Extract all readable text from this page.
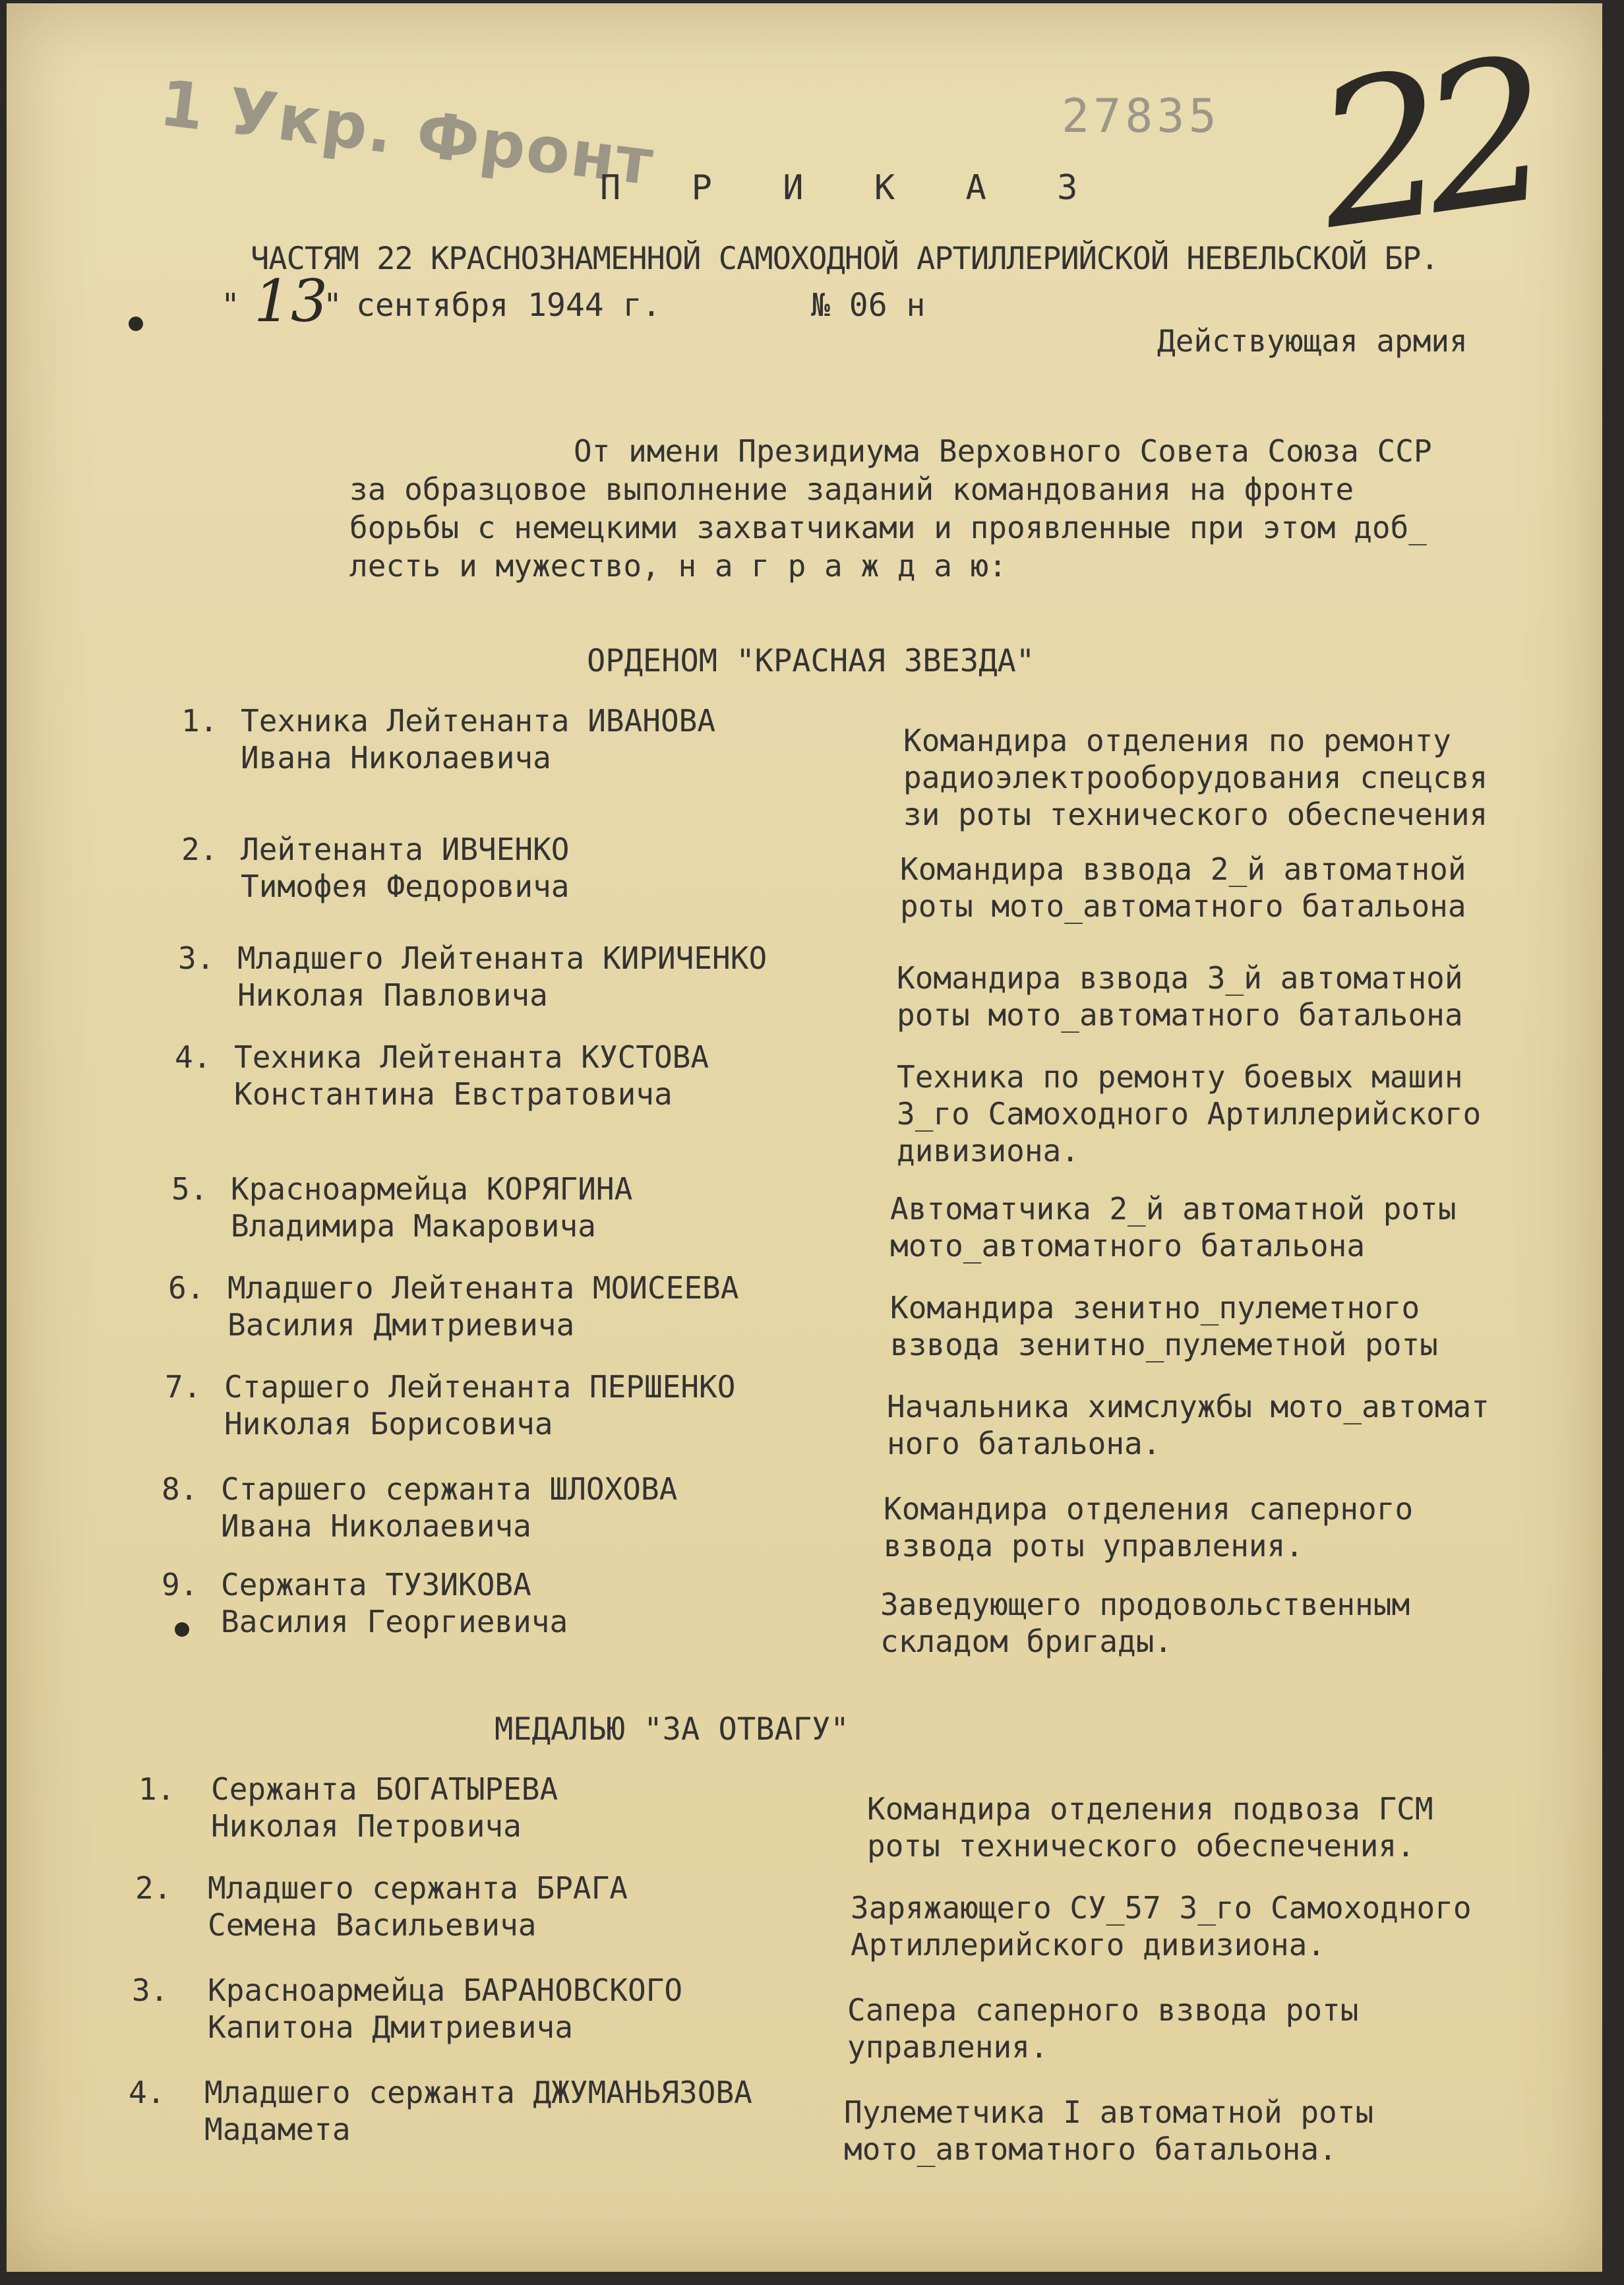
1 Укр. Фронт	27835 22
П Р И К А З
ЧАСТЯМ 22 КРАСНОЗНАМЕННОЙ САМОХОДНОЙ АРТИЛЛЕРИЙСКОЙ НЕВЕЛЬСКОЙ БР.
" 13
" сентября 1944 г.	№ 06 н
Действующая армия
От имени Президиума Верховного Совета Союза ССР
за образцовое выполнение заданий командования на фронте
борьбы с немецкими захватчиками и проявленные при этом доб_
лесть и мужество, н а г р а ж д а ю:
ОРДЕНОМ "КРАСНАЯ ЗВЕЗДА"
1. Техника Лейтенанта ИВАНОВА
Ивана Николаевича	Командира отделения по ремонту
радиоэлектрооборудования спецсвя
зи роты технического обеспечения
2. Лейтенанта ИВЧЕНКО
Тимофея Федоровича	Командира взвода 2_й автоматной
роты мото_автоматного батальона
3. Младшего Лейтенанта КИРИЧЕНКО
Николая Павловича	Командира взвода 3_й автоматной
роты мото_автоматного батальона
4. Техника Лейтенанта КУСТОВА
Константина Евстратовича	Техника по ремонту боевых машин
3_го Самоходного Артиллерийского
дивизиона.
5. Красноармейца КОРЯГИНА
Владимира Макаровича	Автоматчика 2_й автоматной роты
мото_автоматного батальона
6. Младшего Лейтенанта МОИСЕЕВА
Василия Дмитриевича	Командира зенитно_пулеметного
взвода зенитно_пулеметной роты
7. Старшего Лейтенанта ПЕРШЕНКО
Николая Борисовича	Начальника химслужбы мото_автомат
ного батальона.
8. Старшего сержанта ШЛОХОВА
Ивана Николаевича	Командира отделения саперного
взвода роты управления.
9. Сержанта ТУЗИКОВА
Василия Георгиевича	Заведующего продовольственным
складом бригады.
МЕДАЛЬЮ "ЗА ОТВАГУ"
1. Сержанта БОГАТЫРЕВА
Николая Петровича	Командира отделения подвоза ГСМ
роты технического обеспечения.
2. Младшего сержанта БРАГА
Семена Васильевича	Заряжающего СУ_57 3_го Самоходного
Артиллерийского дивизиона.
3. Красноармейца БАРАНОВСКОГО
Капитона Дмитриевича	Сапера саперного взвода роты
управления.
4. Младшего сержанта ДЖУМАНЬЯЗОВА
Мадамета	Пулеметчика I автоматной роты
мото_автоматного батальона.
